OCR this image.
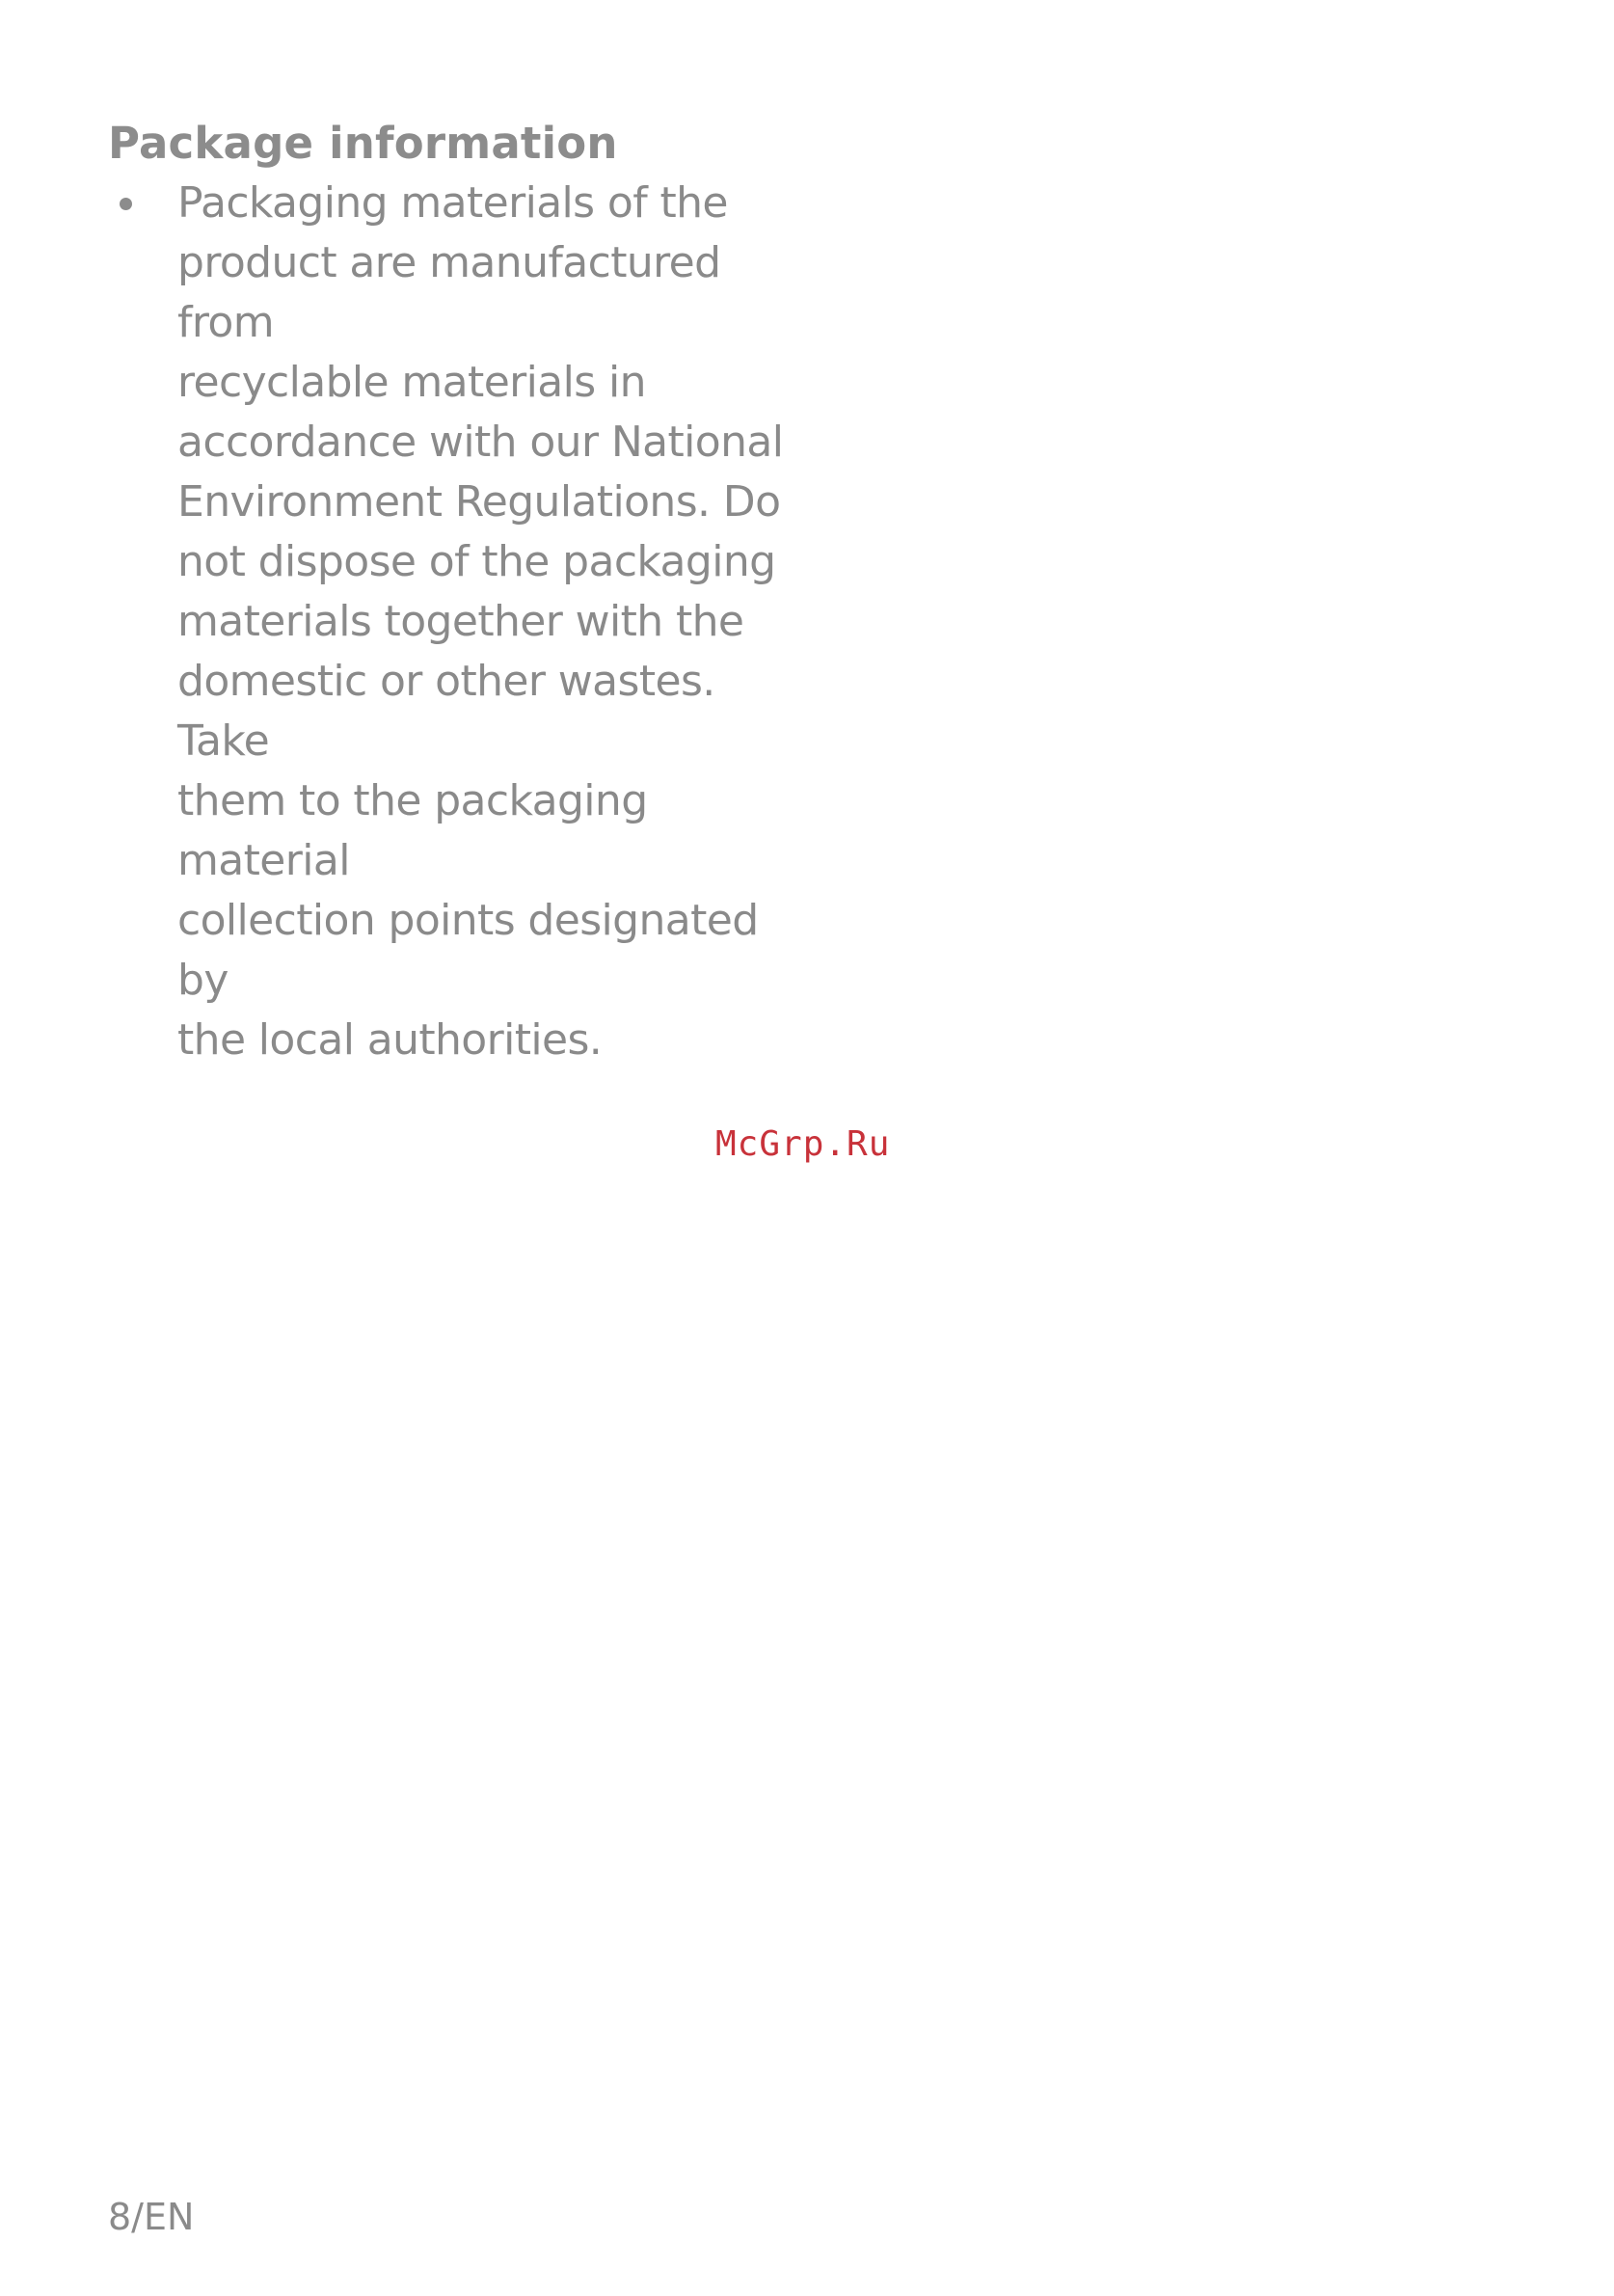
Package information
Packaging materials of the
product are manufactured from
recyclable materials in
accordance with our National
Environment Regulations. Do
not dispose of the packaging
materials together with the
domestic or other wastes. Take
them to the packaging material
collection points designated by
the local authorities.
McGrp.Ru
8/EN
